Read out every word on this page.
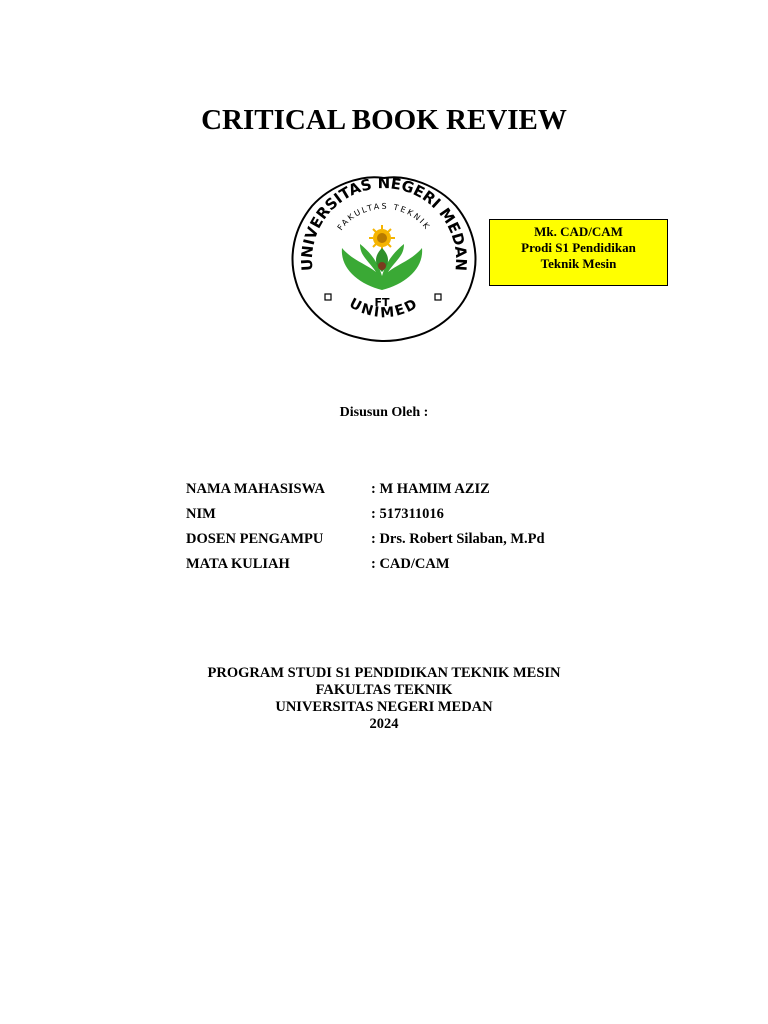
CRITICAL BOOK REVIEW
UNIVERSITAS NEGERI MEDAN
FAKULTAS TEKNIK
FT
UNIMED
Mk. CAD/CAM
Prodi S1 Pendidikan
Teknik Mesin
Disusun Oleh :
NAMA MAHASISWA	: M HAMIM AZIZ
NIM	: 517311016
DOSEN PENGAMPU	: Drs. Robert Silaban, M.Pd
MATA KULIAH	: CAD/CAM
PROGRAM STUDI S1 PENDIDIKAN TEKNIK MESIN
FAKULTAS TEKNIK
UNIVERSITAS NEGERI MEDAN
2024
